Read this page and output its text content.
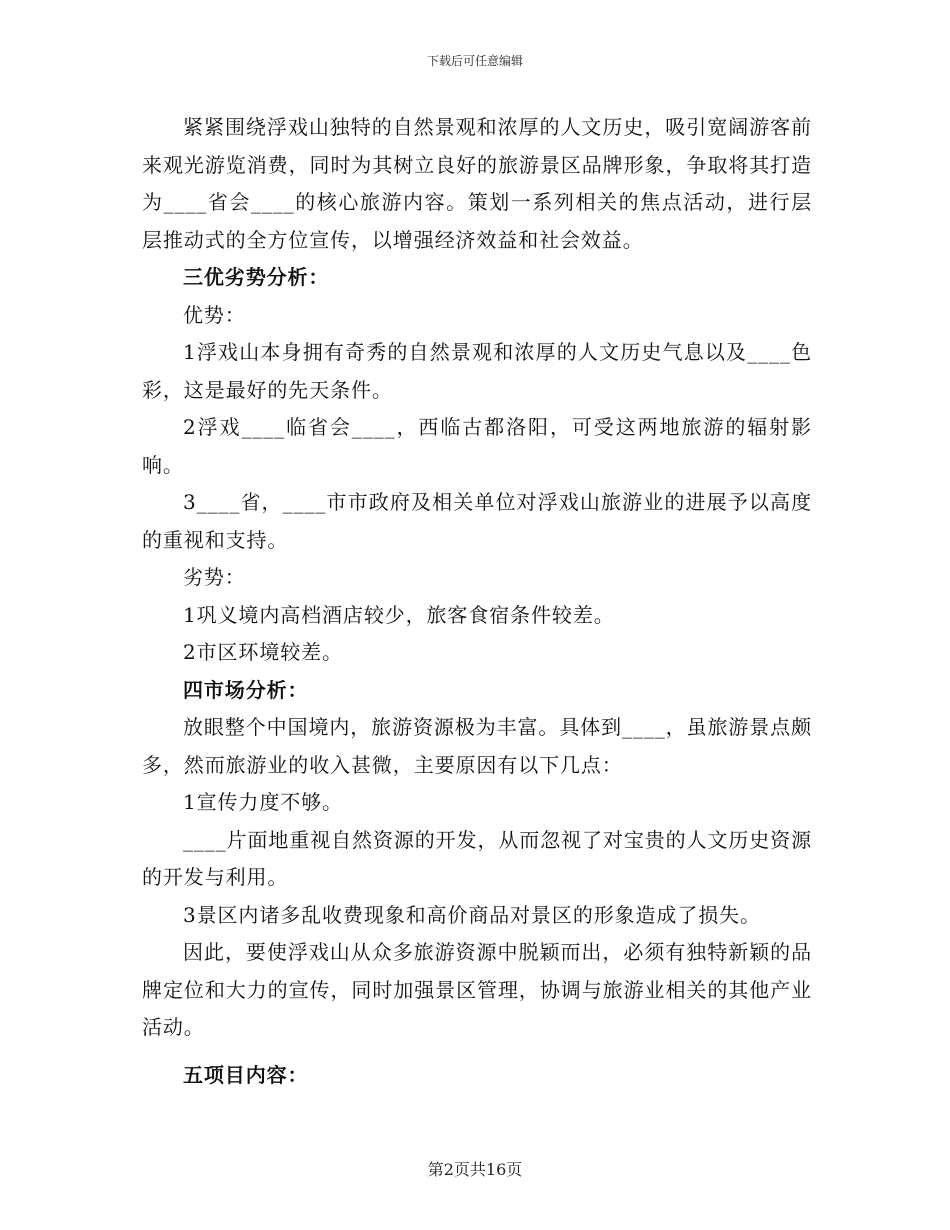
下载后可任意编辑

紧紧围绕浮戏山独特的自然景观和浓厚的人文历史，吸引宽阔游客前来观光游览消费，同时为其树立良好的旅游景区品牌形象，争取将其打造为____省会____的核心旅游内容。策划一系列相关的焦点活动，进行层层推动式的全方位宣传，以增强经济效益和社会效益。

三优劣势分析：

优势：

1浮戏山本身拥有奇秀的自然景观和浓厚的人文历史气息以及____色彩，这是最好的先天条件。

2浮戏____临省会____，西临古都洛阳，可受这两地旅游的辐射影响。

3____省，____市市政府及相关单位对浮戏山旅游业的进展予以高度的重视和支持。

劣势：

1巩义境内高档酒店较少，旅客食宿条件较差。

2市区环境较差。

四市场分析：

放眼整个中国境内，旅游资源极为丰富。具体到____，虽旅游景点颇多，然而旅游业的收入甚微，主要原因有以下几点：

1宣传力度不够。

____片面地重视自然资源的开发，从而忽视了对宝贵的人文历史资源的开发与利用。

3景区内诸多乱收费现象和高价商品对景区的形象造成了损失。

因此，要使浮戏山从众多旅游资源中脱颖而出，必须有独特新颖的品牌定位和大力的宣传，同时加强景区管理，协调与旅游业相关的其他产业活动。

五项目内容：

第2页共16页
